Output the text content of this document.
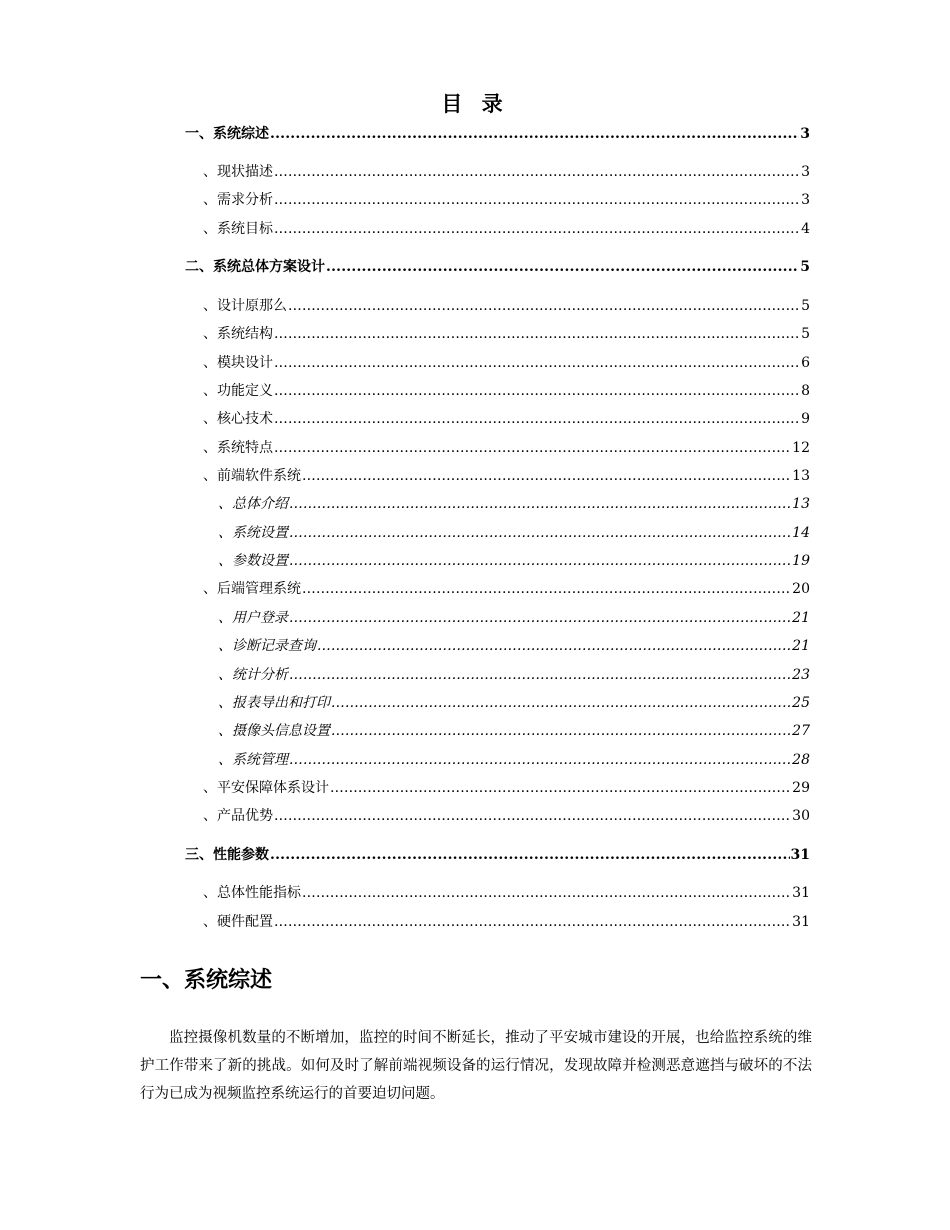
目 录
一、系统综述 .....	3
、现状描述 .....	3
、需求分析 .....	3
、系统目标 .....	4
二、系统总体方案设计 .....	5
、设计原那么 .....	5
、系统结构 .....	5
、模块设计 .....	6
、功能定义 .....	8
、核心技术 .....	9
、系统特点 .....	12
、前端软件系统 .....	13
、总体介绍 .....	13
、系统设置 .....	14
、参数设置 .....	19
、后端管理系统 .....	20
、用户登录 .....	21
、诊断记录查询 .....	21
、统计分析 .....	23
、报表导出和打印 .....	25
、摄像头信息设置 .....	27
、系统管理 .....	28
、平安保障体系设计 .....	29
、产品优势 .....	30
三、性能参数 .....	31
、总体性能指标 .....	31
、硬件配置 .....	31
一、系统综述
监控摄像机数量的不断增加，监控的时间不断延长，推动了平安城市建设的开展，也给监控系统的维护工作带来了新的挑战。如何及时了解前端视频设备的运行情况，发现故障并检测恶意遮挡与破坏的不法行为已成为视频监控系统运行的首要迫切问题。
